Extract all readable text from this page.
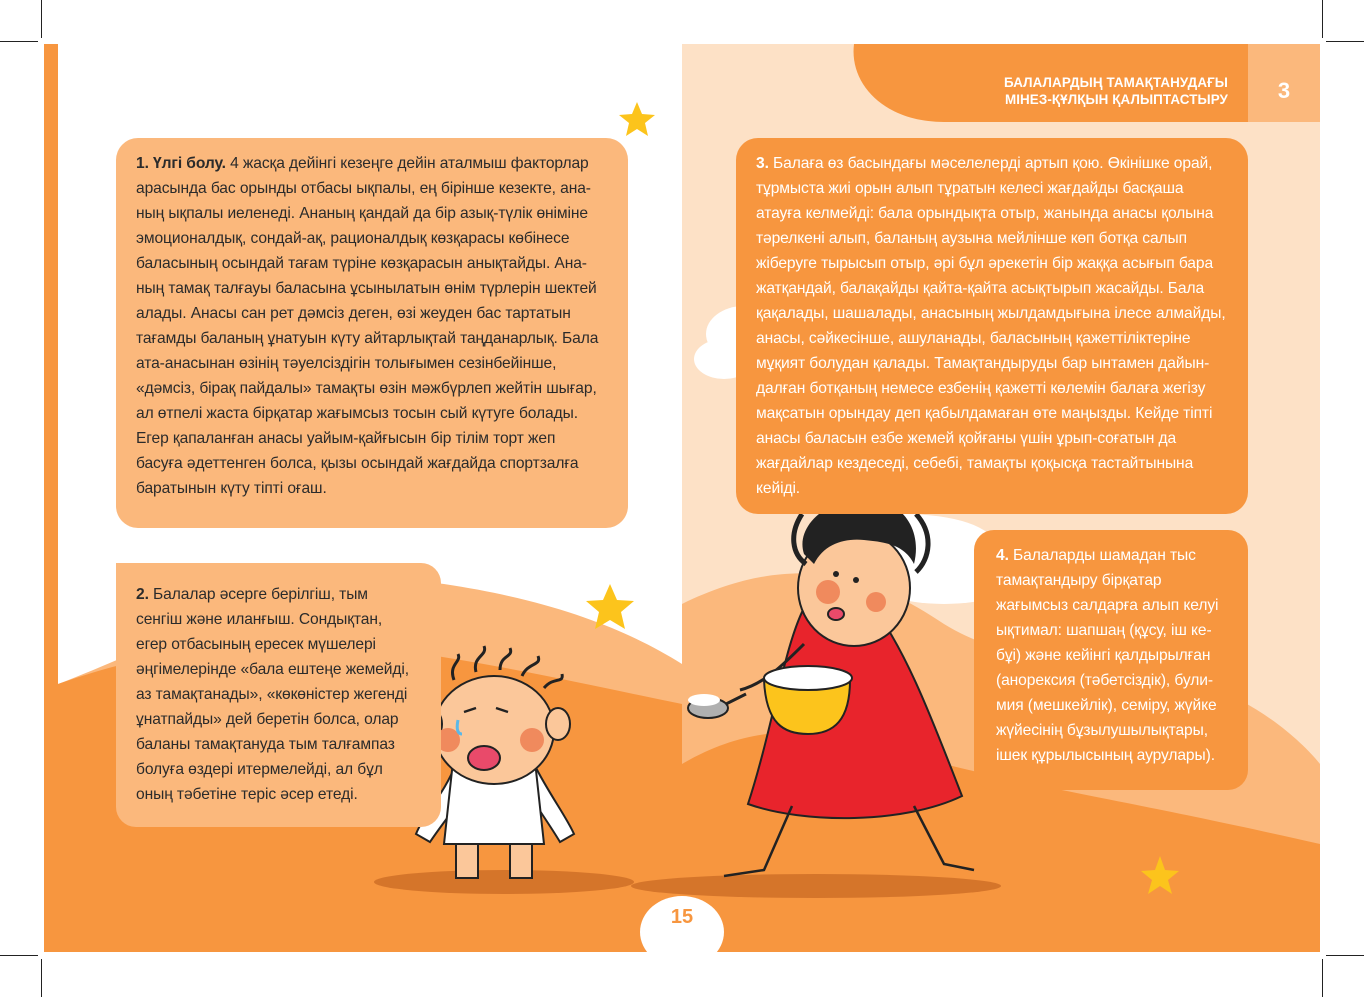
БАЛАЛАРДЫҢ ТАМАҚТАНУДАҒЫ
МІНЕЗ-ҚҰЛҚЫН ҚАЛЫПТАСТЫРУ	3
1. Үлгі болу. 4 жасқа дейінгі кезеңге дейін аталмыш факторлар
арасында бас орынды отбасы ықпалы, ең бірінше кезекте, ана-
ның ықпалы иеленеді. Ананың қандай да бір азық-түлік өніміне
эмоционалдық, сондай-ақ, рационалдық көзқарасы көбінесе
баласының осындай тағам түріне көзқарасын анықтайды. Ана-
ның тамақ талғауы баласына ұсынылатын өнім түрлерін шектей
алады. Анасы сан рет дәмсіз деген, өзі жеуден бас тартатын
тағамды баланың ұнатуын күту айтарлықтай таңданарлық. Бала
ата-анасынан өзінің тәуелсіздігін толығымен сезінбейінше,
«дәмсіз, бірақ пайдалы» тамақты өзін мәжбүрлеп жейтін шығар,
ал өтпелі жаста бірқатар жағымсыз тосын сый күтуге болады.
Егер қапаланған анасы уайым-қайғысын бір тілім торт жеп
басуға әдеттенген болса, қызы осындай жағдайда спортзалға
баратынын күту тіпті оғаш.
2. Балалар әсерге берілгіш, тым
сенгіш және иланғыш. Сондықтан,
егер отбасының ересек мүшелері
әңгімелерінде «бала ештеңе жемейді,
аз тамақтанады», «көкөністер жегенді
ұнатпайды» дей беретін болса, олар
баланы тамақтануда тым талғампаз
болуға өздері итермелейді, ал бұл
оның тәбетіне теріс әсер етеді.
3. Балаға өз басындағы мәселелерді артып қою. Өкінішке орай,
тұрмыста жиі орын алып тұратын келесі жағдайды басқаша
атауға келмейді: бала орындықта отыр, жанында анасы қолына
тәрелкені алып, баланың аузына мейлінше көп ботқа салып
жіберуге тырысып отыр, әрі бұл әрекетін бір жаққа асығып бара
жатқандай, балақайды қайта-қайта асықтырып жасайды. Бала
қақалады, шашалады, анасының жылдамдығына ілесе алмайды,
анасы, сәйкесінше, ашуланады, баласының қажеттіліктеріне
мұқият болудан қалады. Тамақтандыруды бар ынтамен дайын-
далған ботқаның немесе езбенің қажетті көлемін балаға жегізу
мақсатын орындау деп қабылдамаған өте маңызды. Кейде тіпті
анасы баласын езбе жемей қойғаны үшін ұрып-соғатын да
жағдайлар кездеседі, себебі, тамақты қоқысқа тастайтынына
кейіді.
4. Балаларды шамадан тыс
тамақтандыру бірқатар
жағымсыз салдарға алып келуі
ықтимал: шапшаң (құсу, іш ке-
бұі) және кейінгі қалдырылған
(анорексия (тәбетсіздік), були-
мия (мешкейлік), семіру, жүйке
жүйесінің бұзылушылықтары,
ішек құрылысының аурулары).
15
